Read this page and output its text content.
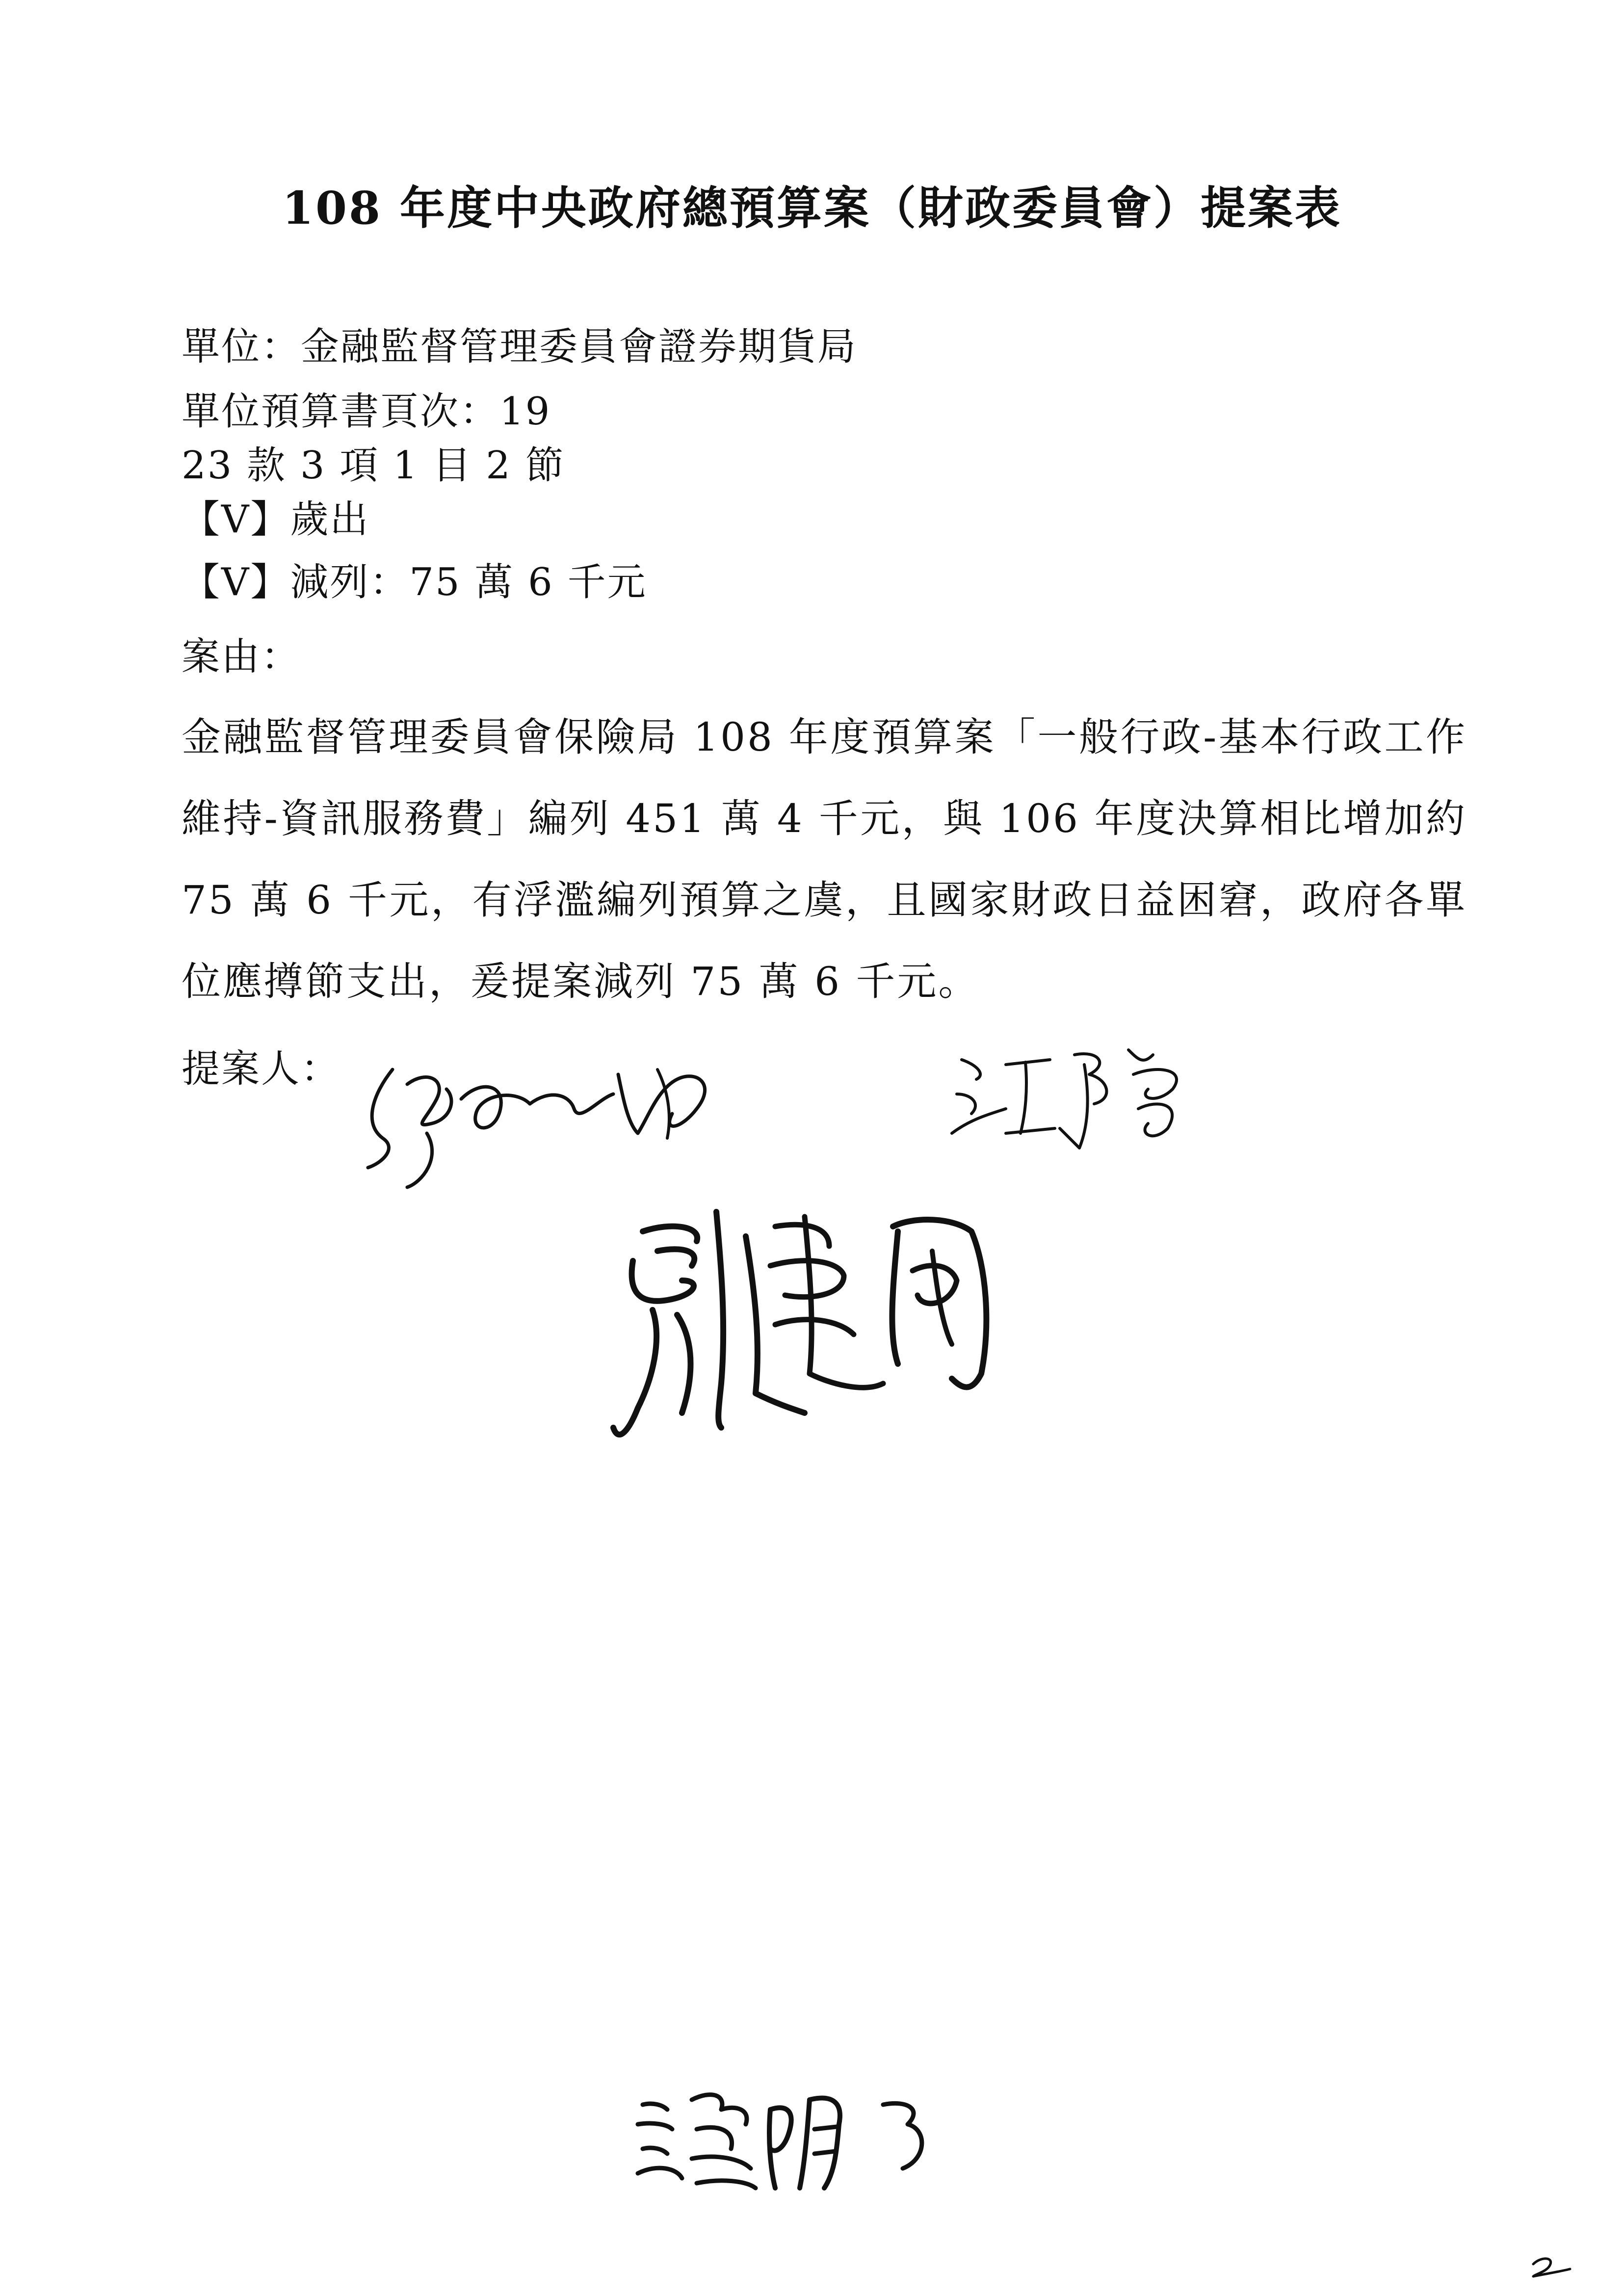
108 年度中央政府總預算案（財政委員會）提案表
單位：金融監督管理委員會證券期貨局
單位預算書頁次：19
23 款 3 項 1 目 2 節
【V】歲出
【V】減列：75 萬 6 千元
案由：
金融監督管理委員會保險局 108 年度預算案「一般行政-基本行政工作維持-資訊服務費」編列 451 萬 4 千元，與 106 年度決算相比增加約 75 萬 6 千元，有浮濫編列預算之虞，且國家財政日益困窘，政府各單位應撙節支出，爰提案減列 75 萬 6 千元。
提案人：
